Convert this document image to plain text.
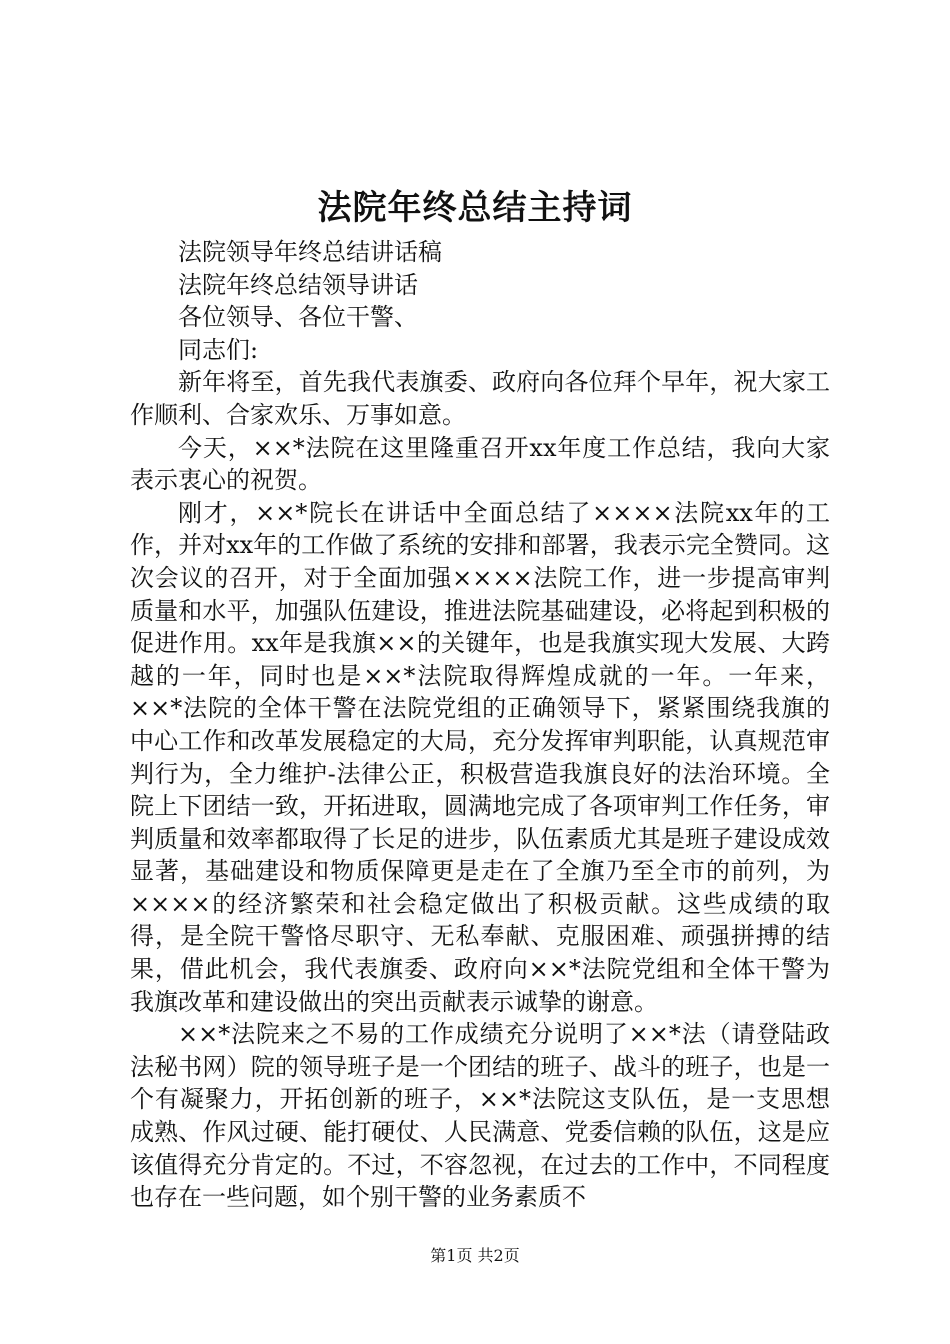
法院年终总结主持词

法院领导年终总结讲话稿

法院年终总结领导讲话

各位领导、各位干警、

同志们:

新年将至，首先我代表旗委、政府向各位拜个早年，祝大家工作顺利、合家欢乐、万事如意。

今天，××*法院在这里隆重召开xx年度工作总结，我向大家表示衷心的祝贺。

刚才，××*院长在讲话中全面总结了××××法院xx年的工作，并对xx年的工作做了系统的安排和部署，我表示完全赞同。这次会议的召开，对于全面加强××××法院工作，进一步提高审判质量和水平，加强队伍建设，推进法院基础建设，必将起到积极的促进作用。xx年是我旗××的关键年，也是我旗实现大发展、大跨越的一年，同时也是××*法院取得辉煌成就的一年。一年来，××*法院的全体干警在法院党组的正确领导下，紧紧围绕我旗的中心工作和改革发展稳定的大局，充分发挥审判职能，认真规范审判行为，全力维护-法律公正，积极营造我旗良好的法治环境。全院上下团结一致，开拓进取，圆满地完成了各项审判工作任务，审判质量和效率都取得了长足的进步，队伍素质尤其是班子建设成效显著，基础建设和物质保障更是走在了全旗乃至全市的前列，为××××的经济繁荣和社会稳定做出了积极贡献。这些成绩的取得，是全院干警恪尽职守、无私奉献、克服困难、顽强拼搏的结果，借此机会，我代表旗委、政府向××*法院党组和全体干警为我旗改革和建设做出的突出贡献表示诚挚的谢意。

××*法院来之不易的工作成绩充分说明了××*法（请登陆政法秘书网）院的领导班子是一个团结的班子、战斗的班子，也是一个有凝聚力，开拓创新的班子，××*法院这支队伍，是一支思想成熟、作风过硬、能打硬仗、人民满意、党委信赖的队伍，这是应该值得充分肯定的。不过，不容忽视，在过去的工作中，不同程度也存在一些问题，如个别干警的业务素质不

第1页 共2页
